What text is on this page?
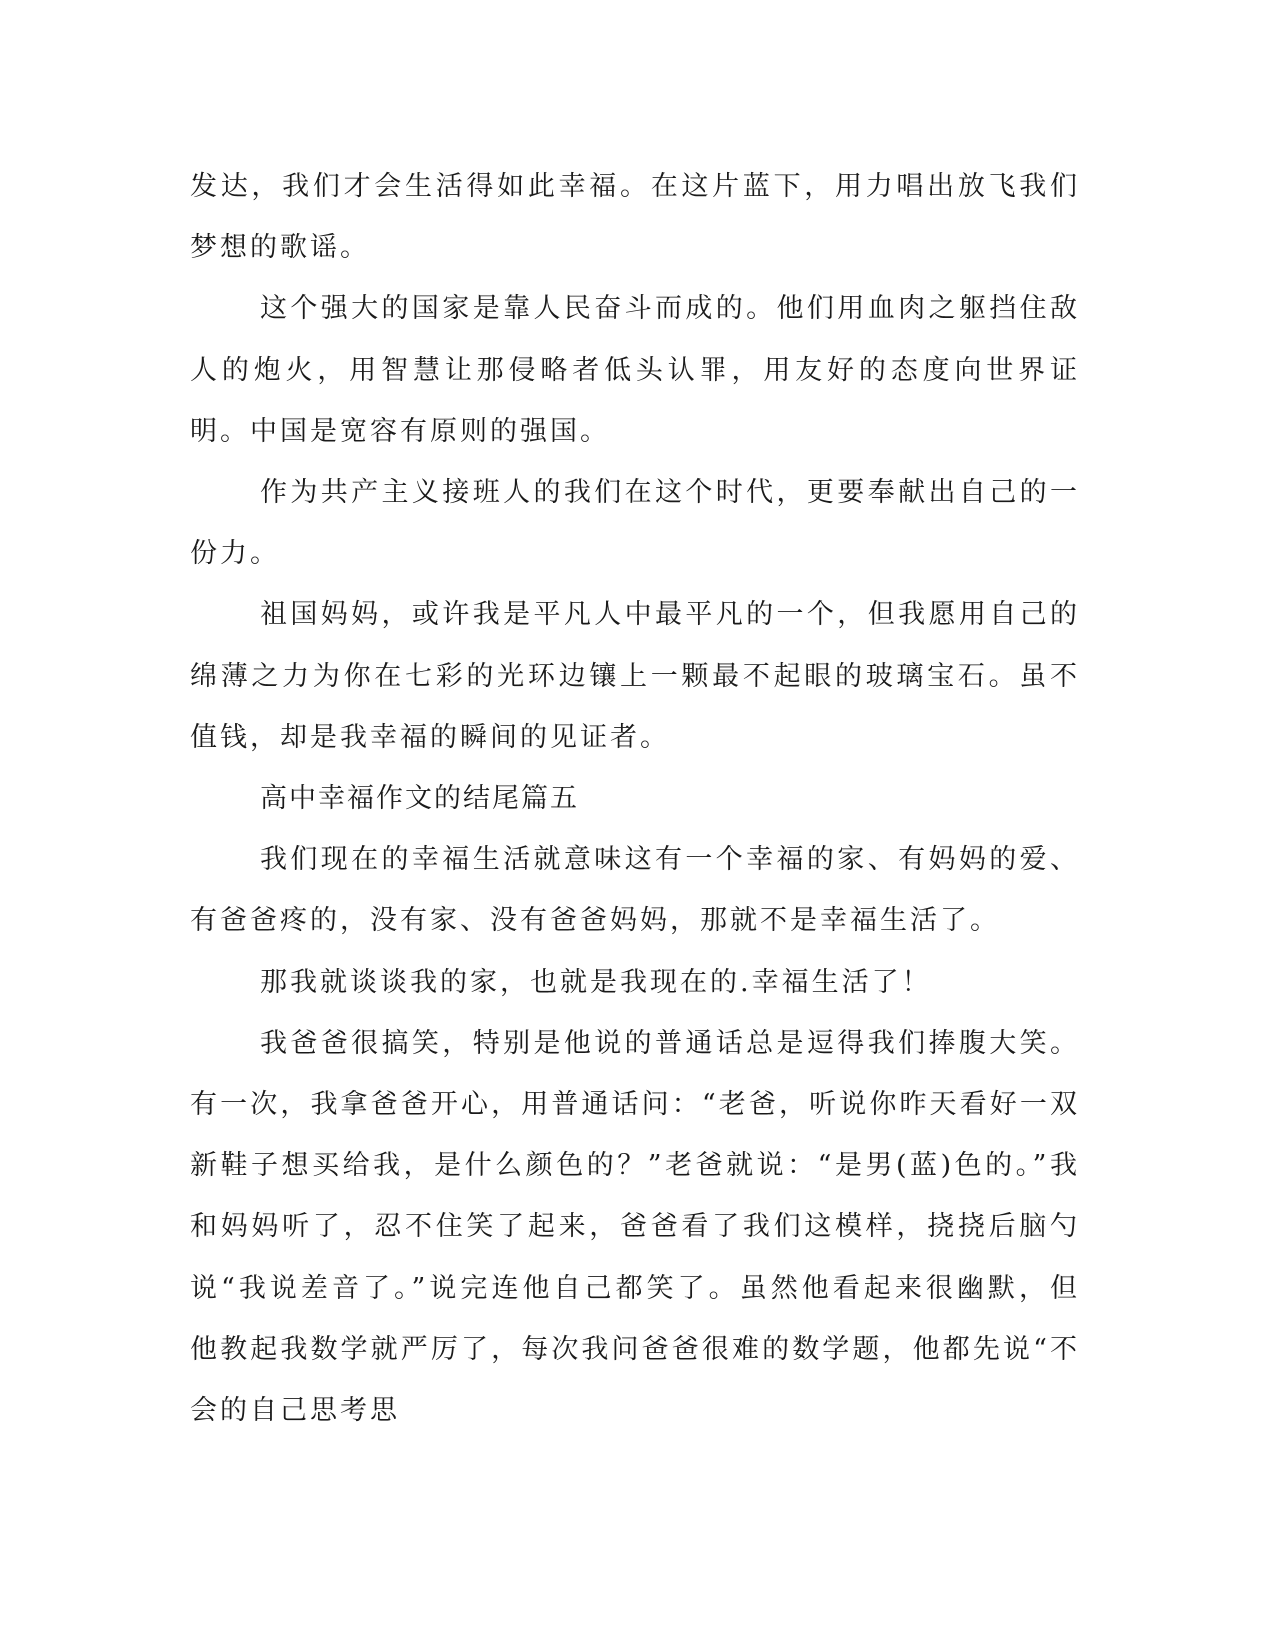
发达，我们才会生活得如此幸福。在这片蓝下，用力唱出放飞我们梦想的歌谣。

这个强大的国家是靠人民奋斗而成的。他们用血肉之躯挡住敌人的炮火，用智慧让那侵略者低头认罪，用友好的态度向世界证明。中国是宽容有原则的强国。

作为共产主义接班人的我们在这个时代，更要奉献出自己的一份力。

祖国妈妈，或许我是平凡人中最平凡的一个，但我愿用自己的绵薄之力为你在七彩的光环边镶上一颗最不起眼的玻璃宝石。虽不值钱，却是我幸福的瞬间的见证者。

高中幸福作文的结尾篇五

我们现在的幸福生活就意味这有一个幸福的家、有妈妈的爱、有爸爸疼的，没有家、没有爸爸妈妈，那就不是幸福生活了。

那我就谈谈我的家，也就是我现在的.幸福生活了！

我爸爸很搞笑，特别是他说的普通话总是逗得我们捧腹大笑。有一次，我拿爸爸开心，用普通话问：“老爸，听说你昨天看好一双新鞋子想买给我，是什么颜色的？”老爸就说：“是男(蓝)色的。”我和妈妈听了，忍不住笑了起来，爸爸看了我们这模样，挠挠后脑勺说“我说差音了。”说完连他自己都笑了。虽然他看起来很幽默，但他教起我数学就严厉了，每次我问爸爸很难的数学题，他都先说“不会的自己思考思
